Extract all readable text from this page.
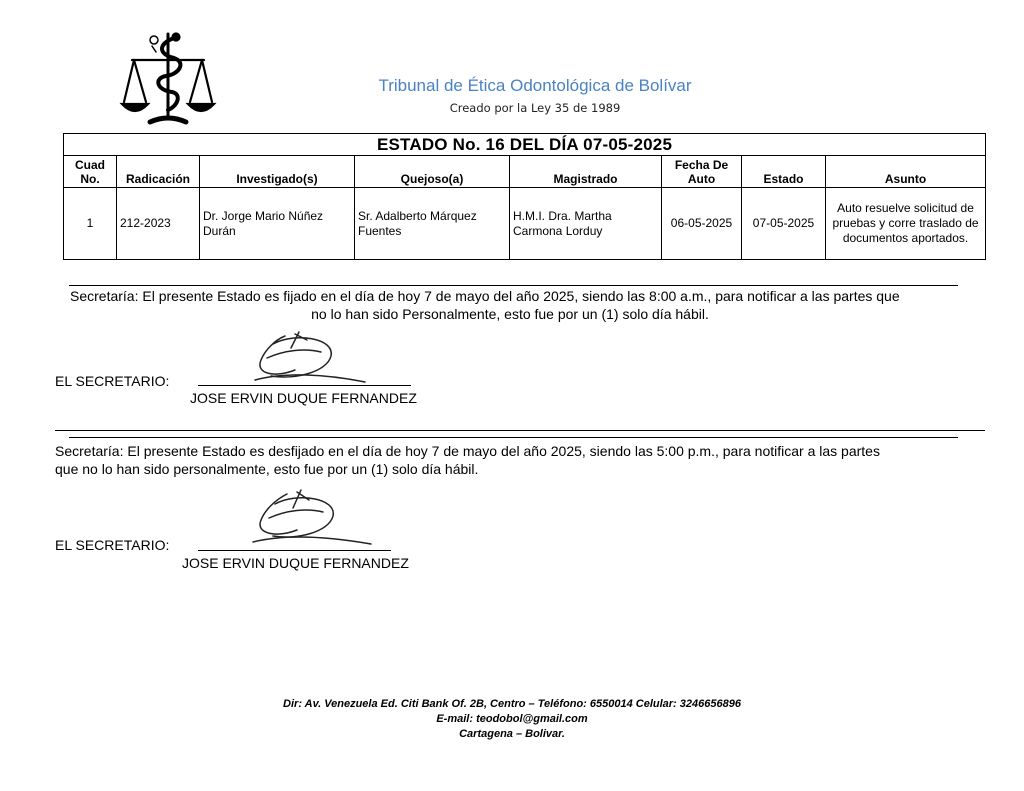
Tribunal de Ética Odontológica de Bolívar
Creado por la Ley 35 de 1989
ESTADO No. 16 DEL DÍA 07-05-2025							
Cuad No.	Radicación	Investigado(s)	Quejoso(a)	Magistrado	Fecha De Auto	Estado	Asunto
1	212-2023	Dr. Jorge Mario Núñez Durán	Sr. Adalberto Márquez Fuentes	H.M.I. Dra. Martha Carmona Lorduy	06-05-2025	07-05-2025	Auto resuelve solicitud de pruebas y corre traslado de documentos aportados.
Secretaría: El presente Estado es fijado en el día de hoy 7 de mayo del año 2025, siendo las 8:00 a.m., para notificar a las partes que
no lo han sido Personalmente, esto fue por un (1) solo día hábil.
EL SECRETARIO:
JOSE ERVIN DUQUE FERNANDEZ
Secretaría: El presente Estado es desfijado en el día de hoy 7 de mayo del año 2025, siendo las 5:00 p.m., para notificar a las partes
que no lo han sido personalmente, esto fue por un (1) solo día hábil.
EL SECRETARIO:
JOSE ERVIN DUQUE FERNANDEZ
Dir: Av. Venezuela Ed. Citi Bank Of. 2B, Centro – Teléfono: 6550014 Celular: 3246656896
E-mail: teodobol@gmail.com
Cartagena – Bolivar.
